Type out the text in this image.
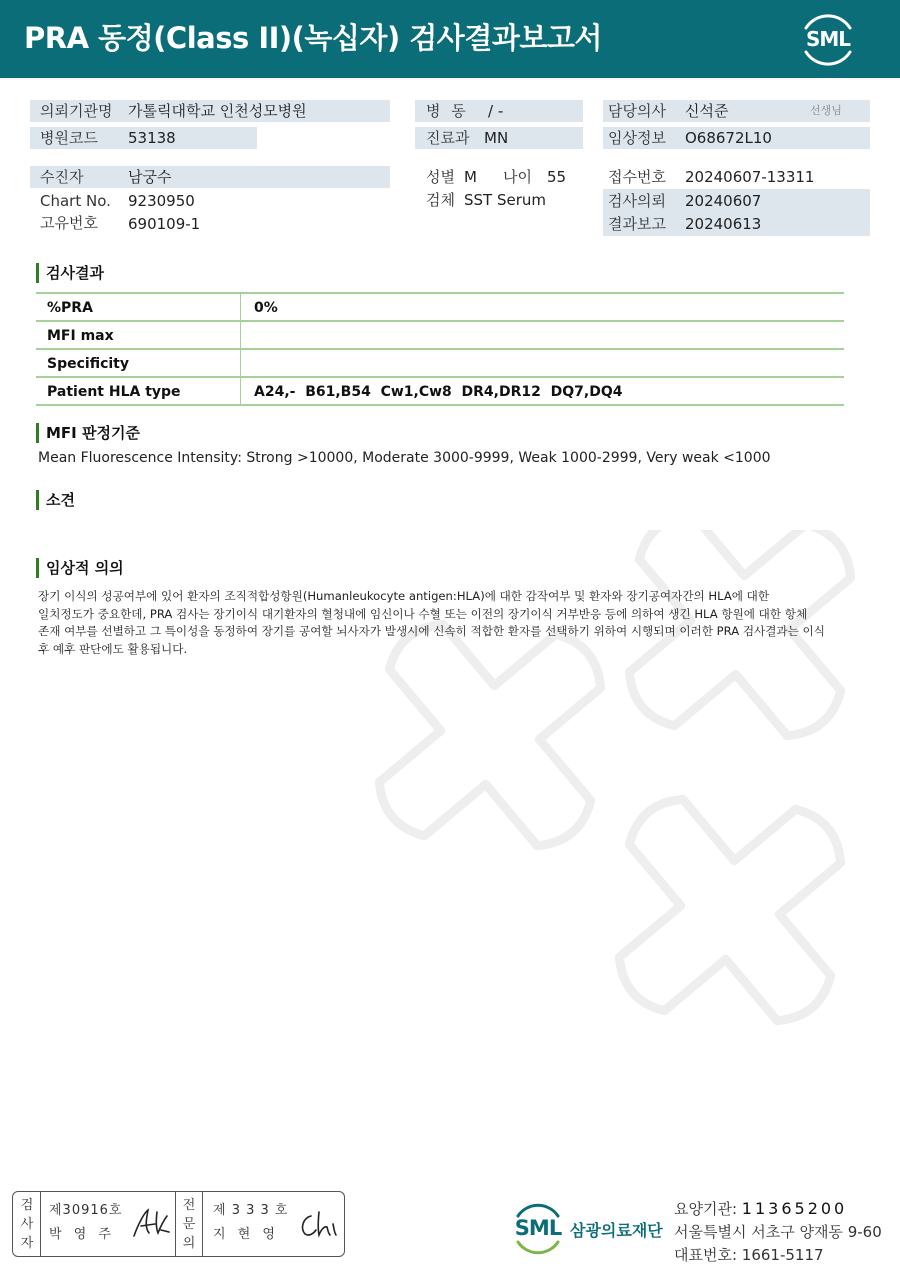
PRA 동정(Class II)(녹십자) 검사결과보고서	SML
의뢰기관명 가톨릭대학교 인천성모병원
병원코드 53138
병 동 / -
진료과 MN
담당의사 신석준	선생님
임상정보 O68672L10
수진자	남궁수
Chart No. 9230950
고유번호 690109-1
성별 M 나이 55
검체 SST Serum
접수번호 20240607-13311
검사의뢰 20240607
결과보고 20240613
검사결과
%PRA	0%
MFI max
Specificity
Patient HLA type	A24,-  B61,B54  Cw1,Cw8  DR4,DR12  DQ7,DQ4
MFI 판정기준
Mean Fluorescence Intensity: Strong >10000, Moderate 3000-9999, Weak 1000-2999, Very weak <1000
소견
임상적 의의
장기 이식의 성공여부에 있어 환자의 조직적합성항원(Humanleukocyte antigen:HLA)에 대한 감작여부 및 환자와 장기공여자간의 HLA에 대한
일치정도가 중요한데, PRA 검사는 장기이식 대기환자의 혈청내에 임신이나 수혈 또는 이전의 장기이식 거부반응 등에 의하여 생긴 HLA 항원에 대한 항체
존재 여부를 선별하고 그 특이성을 동정하여 장기를 공여할 뇌사자가 발생시에 신속히 적합한 환자를 선택하기 위하여 시행되며 이러한 PRA 검사결과는 이식
후 예후 판단에도 활용됩니다.
검
사
자
제30916호
박 영 주
전
문
의
제 3 3 3 호
지 현 영	SML 삼광의료재단
요양기관: 11365200
서울특별시 서초구 양재동 9-60
대표번호: 1661-5117
